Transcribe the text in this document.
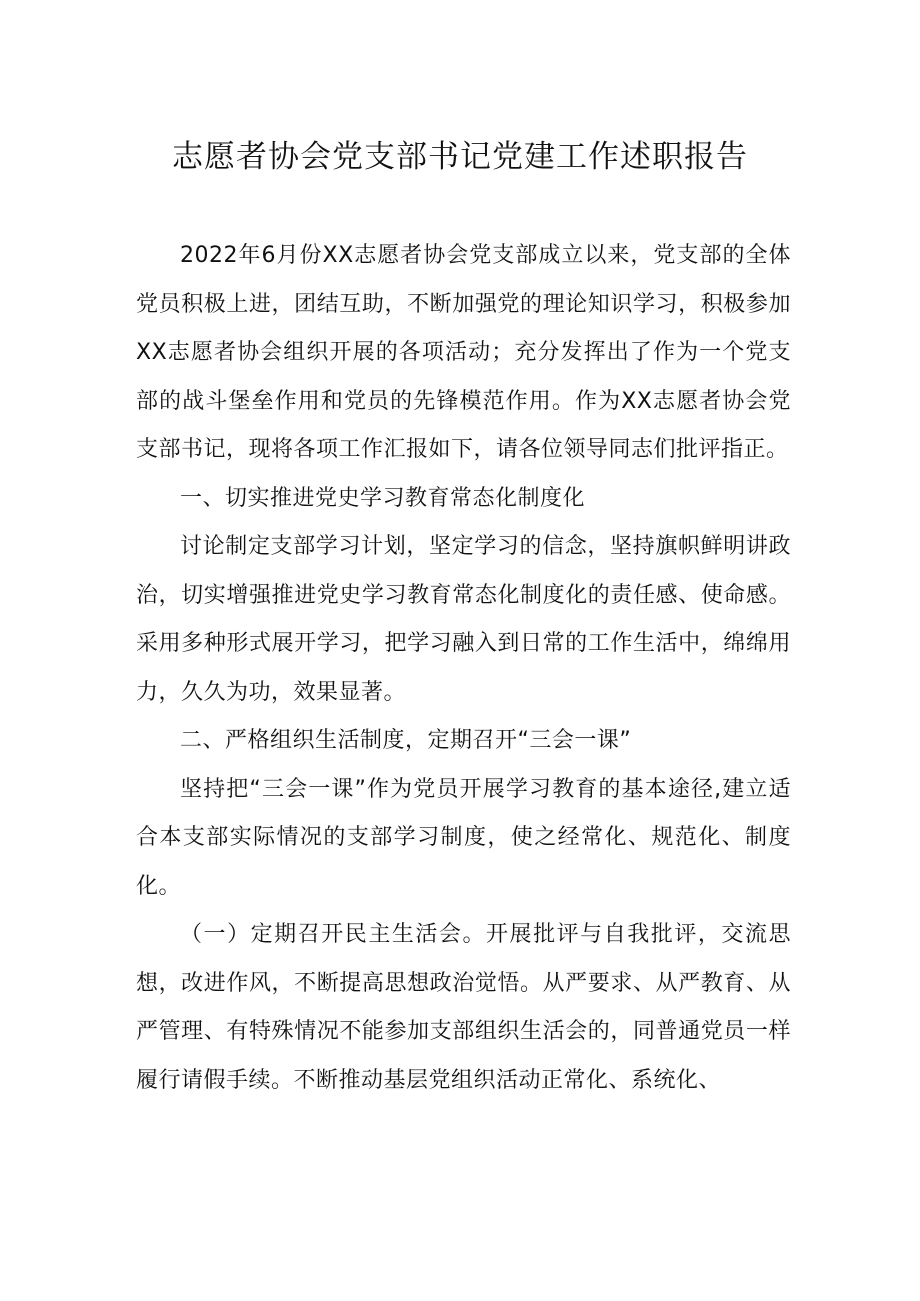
志愿者协会党支部书记党建工作述职报告

2022年6月份XX志愿者协会党支部成立以来，党支部的全体党员积极上进，团结互助，不断加强党的理论知识学习，积极参加XX志愿者协会组织开展的各项活动；充分发挥出了作为一个党支部的战斗堡垒作用和党员的先锋模范作用。作为XX志愿者协会党支部书记，现将各项工作汇报如下，请各位领导同志们批评指正。

一、切实推进党史学习教育常态化制度化

讨论制定支部学习计划，坚定学习的信念，坚持旗帜鲜明讲政治，切实增强推进党史学习教育常态化制度化的责任感、使命感。采用多种形式展开学习，把学习融入到日常的工作生活中，绵绵用力，久久为功，效果显著。

二、严格组织生活制度，定期召开“三会一课”

坚持把“三会一课”作为党员开展学习教育的基本途径,建立适合本支部实际情况的支部学习制度，使之经常化、规范化、制度化。

（一）定期召开民主生活会。开展批评与自我批评，交流思想，改进作风，不断提高思想政治觉悟。从严要求、从严教育、从严管理、有特殊情况不能参加支部组织生活会的，同普通党员一样履行请假手续。不断推动基层党组织活动正常化、系统化、
